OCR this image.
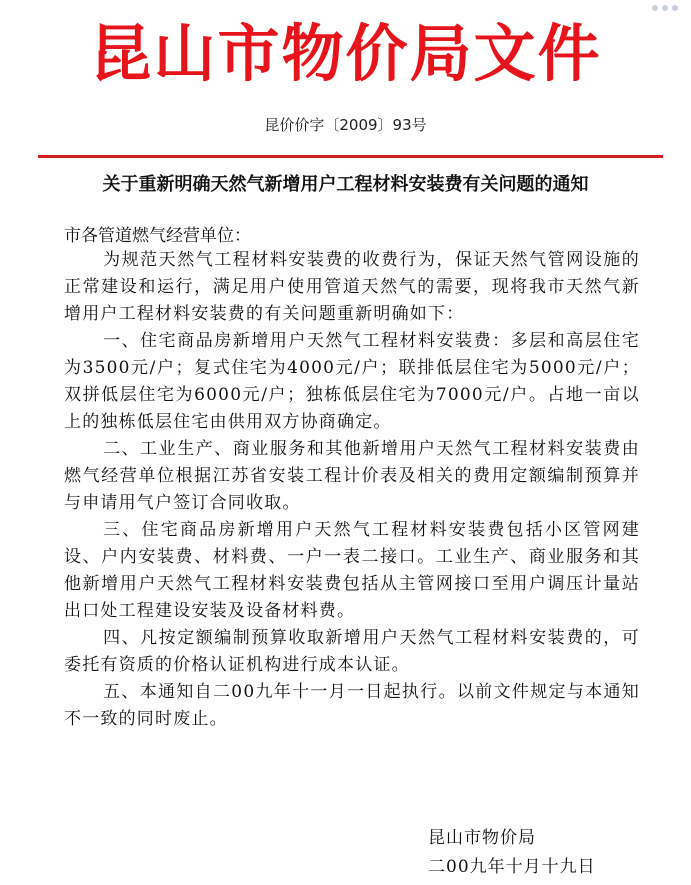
昆山市物价局文件

昆价价字〔2009〕93号

关于重新明确天然气新增用户工程材料安装费有关问题的通知

市各管道燃气经营单位：

为规范天然气工程材料安装费的收费行为，保证天然气管网设施的正常建设和运行，满足用户使用管道天然气的需要，现将我市天然气新增用户工程材料安装费的有关问题重新明确如下：

一、住宅商品房新增用户天然气工程材料安装费：多层和高层住宅为3500元/户；复式住宅为4000元/户；联排低层住宅为5000元/户；双拼低层住宅为6000元/户；独栋低层住宅为7000元/户。占地一亩以上的独栋低层住宅由供用双方协商确定。

二、工业生产、商业服务和其他新增用户天然气工程材料安装费由燃气经营单位根据江苏省安装工程计价表及相关的费用定额编制预算并与申请用气户签订合同收取。

三、住宅商品房新增用户天然气工程材料安装费包括小区管网建设、户内安装费、材料费、一户一表二接口。工业生产、商业服务和其他新增用户天然气工程材料安装费包括从主管网接口至用户调压计量站出口处工程建设安装及设备材料费。

四、凡按定额编制预算收取新增用户天然气工程材料安装费的，可委托有资质的价格认证机构进行成本认证。

五、本通知自二00九年十一月一日起执行。以前文件规定与本通知不一致的同时废止。

昆山市物价局

二00九年十月十九日
